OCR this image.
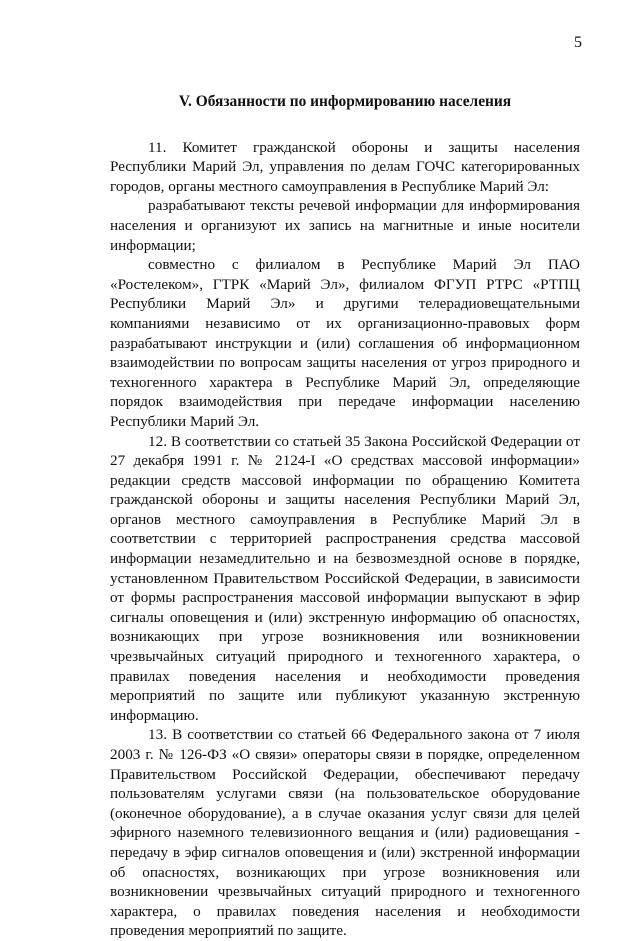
5
V. Обязанности по информированию населения

11. Комитет гражданской обороны и защиты населения Республики Марий Эл, управления по делам ГОЧС категорированных городов, органы местного самоуправления в Республике Марий Эл:

разрабатывают тексты речевой информации для информирования населения и организуют их запись на магнитные и иные носители информации;

совместно с филиалом в Республике Марий Эл ПАО «Ростелеком», ГТРК «Марий Эл», филиалом ФГУП РТРС «РТПЦ Республики Марий Эл» и другими телерадиовещательными компаниями независимо от их организационно-правовых форм разрабатывают инструкции и (или) соглашения об информационном взаимодействии по вопросам защиты населения от угроз природного и техногенного характера в Республике Марий Эл, определяющие порядок взаимодействия при передаче информации населению Республики Марий Эл.

12. В соответствии со статьей 35 Закона Российской Федерации от 27 декабря 1991 г. № 2124-I «О средствах массовой информации» редакции средств массовой информации по обращению Комитета гражданской обороны и защиты населения Республики Марий Эл, органов местного самоуправления в Республике Марий Эл в соответствии с территорией распространения средства массовой информации незамедлительно и на безвозмездной основе в порядке, установленном Правительством Российской Федерации, в зависимости от формы распространения массовой информации выпускают в эфир сигналы оповещения и (или) экстренную информацию об опасностях, возникающих при угрозе возникновения или возникновении чрезвычайных ситуаций природного и техногенного характера, о правилах поведения населения и необходимости проведения мероприятий по защите или публикуют указанную экстренную информацию.

13. В соответствии со статьей 66 Федерального закона от 7 июля 2003 г. № 126-ФЗ «О связи» операторы связи в порядке, определенном Правительством Российской Федерации, обеспечивают передачу пользователям услугами связи (на пользовательское оборудование (оконечное оборудование), а в случае оказания услуг связи для целей эфирного наземного телевизионного вещания и (или) радиовещания - передачу в эфир сигналов оповещения и (или) экстренной информации об опасностях, возникающих при угрозе возникновения или возникновении чрезвычайных ситуаций природного и техногенного характера, о правилах поведения населения и необходимости проведения мероприятий по защите.
